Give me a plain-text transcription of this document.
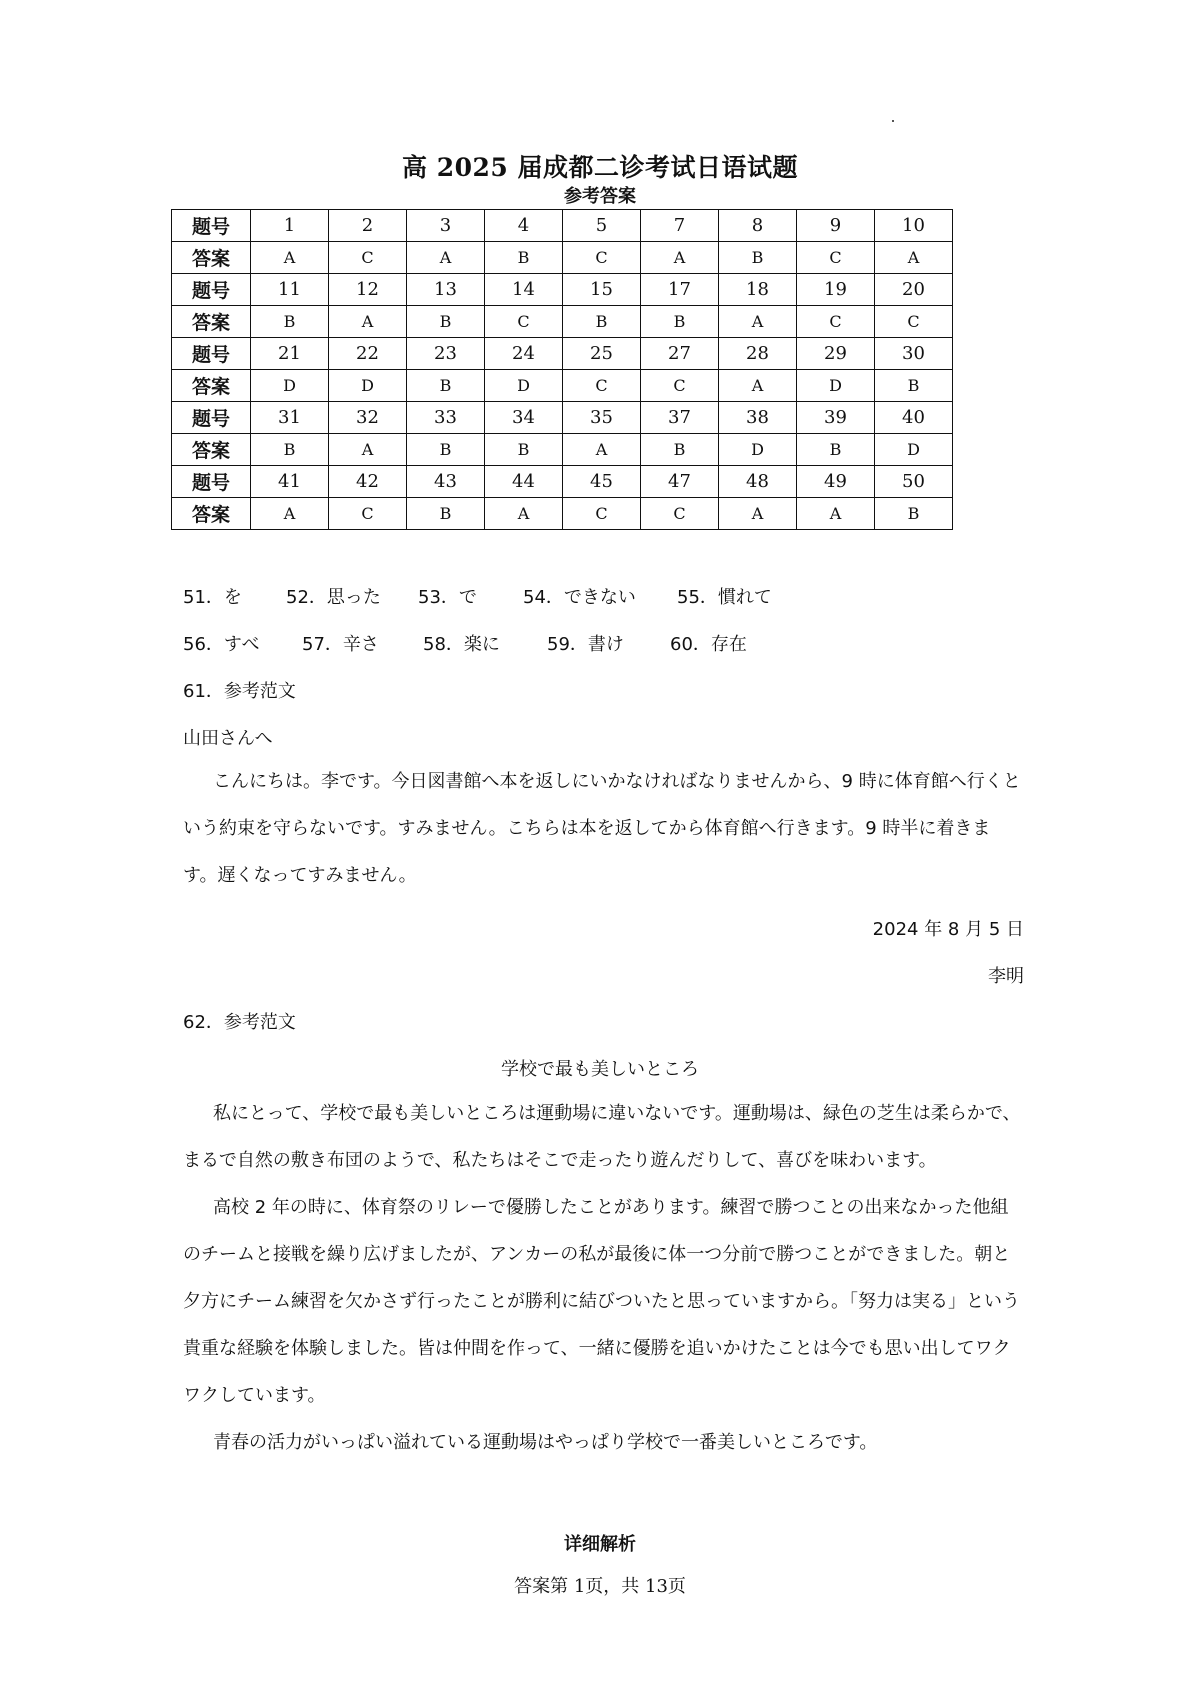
高 2025 届成都二诊考试日语试题
参考答案
题号	1	2	3	4	5	7	8	9	10
答案	A	C	A	B	C	A	B	C	A
题号	11	12	13	14	15	17	18	19	20
答案	B	A	B	C	B	B	A	C	C
题号	21	22	23	24	25	27	28	29	30
答案	D	D	B	D	C	C	A	D	B
题号	31	32	33	34	35	37	38	39	40
答案	B	A	B	B	A	B	D	B	D
题号	41	42	43	44	45	47	48	49	50
答案	A	C	B	A	C	C	A	A	B
51．を 52．思った 53．で	54．できない 55．慣れて
56．すべ 57．辛さ 58．楽に	59．書け	60．存在
61．参考范文
山田さんへ
こんにちは。李です。今日図書館へ本を返しにいかなければなりませんから、9 時に体育館へ行くという約束を守らないです。すみません。こちらは本を返してから体育館へ行きます。9 時半に着きます。遅くなってすみません。
2024 年 8 月 5 日
李明
62．参考范文
学校で最も美しいところ
私にとって、学校で最も美しいところは運動場に違いないです。運動場は、緑色の芝生は柔らかで、まるで自然の敷き布団のようで、私たちはそこで走ったり遊んだりして、喜びを味わいます。
高校 2 年の時に、体育祭のリレーで優勝したことがあります。練習で勝つことの出来なかった他組のチームと接戦を繰り広げましたが、アンカーの私が最後に体一つ分前で勝つことができました。朝と夕方にチーム練習を欠かさず行ったことが勝利に結びついたと思っていますから。「努力は実る」という貴重な経験を体験しました。皆は仲間を作って、一緒に優勝を追いかけたことは今でも思い出してワクワクしています。
青春の活力がいっぱい溢れている運動場はやっぱり学校で一番美しいところです。
详细解析
答案第 1页，共 13页
